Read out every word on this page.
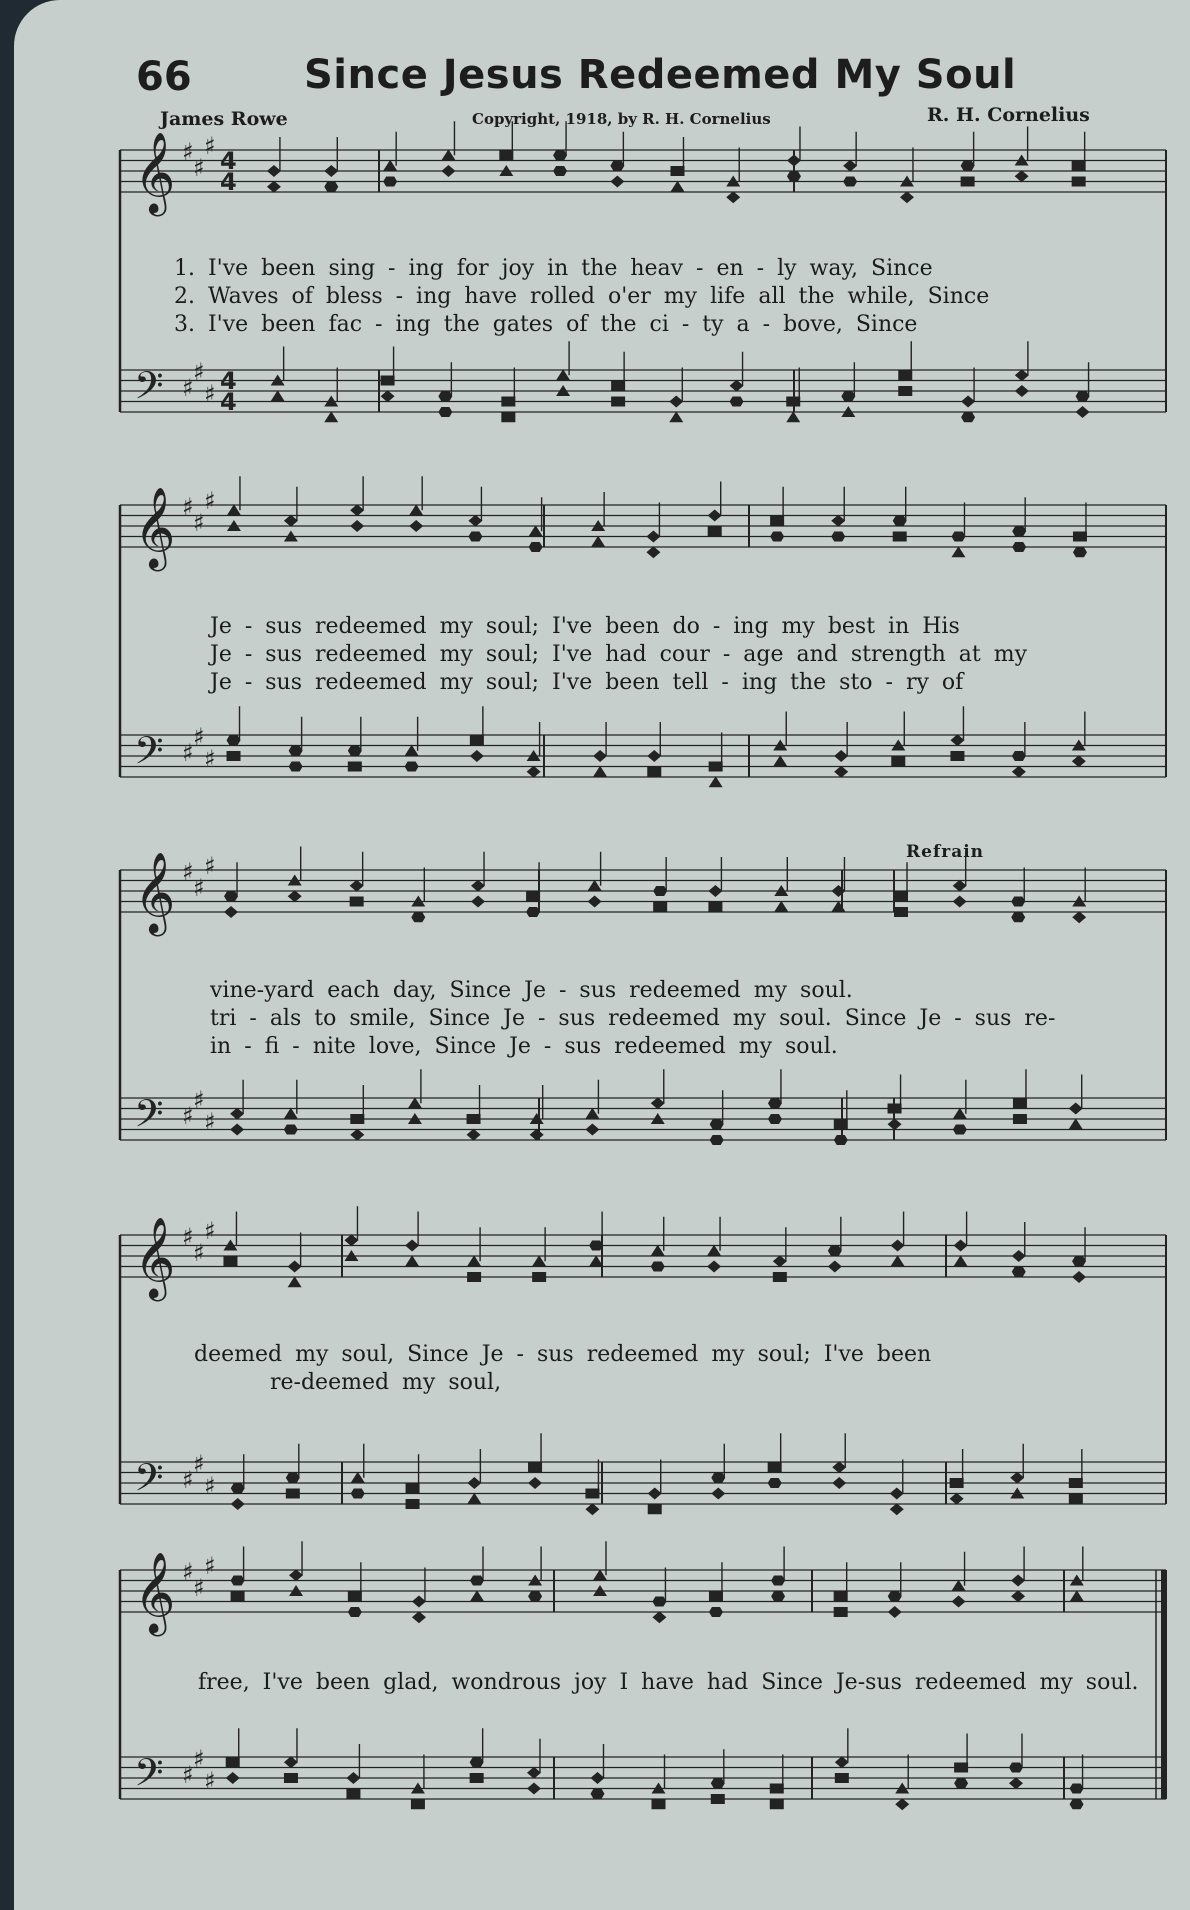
66	Since Jesus Redeemed My Soul
James Rowe	Copyright, 1918, by R. H. Cornelius	R. H. Cornelius
Refrain
𝄞 ♯
♯
♯
4
4
𝄢 ♯
♯
♯ 4
4
𝄞 ♯
♯
♯
𝄢 ♯
♯
♯
𝄞 ♯
♯
♯
𝄢 ♯
♯
♯
𝄞 ♯
♯
♯
𝄢 ♯
♯
♯
𝄞 ♯
♯
♯
𝄢 ♯
♯
♯
1. I've been sing - ing for joy in the heav - en - ly way, Since
2. Waves of bless - ing have rolled o'er my life all the while, Since
3. I've been fac - ing the gates of the ci - ty a - bove, Since
Je - sus redeemed my soul; I've been do - ing my best in His
Je - sus redeemed my soul; I've had cour - age and strength at my
Je - sus redeemed my soul; I've been tell - ing the sto - ry of
vine-yard each day, Since Je - sus redeemed my soul.
tri - als to smile, Since Je - sus redeemed my soul. Since Je - sus re-
in - fi - nite love, Since Je - sus redeemed my soul.
deemed my soul, Since Je - sus redeemed my soul; I've been
re-deemed my soul,
free, I've been glad, wondrous joy I have had Since Je-sus redeemed my soul.
